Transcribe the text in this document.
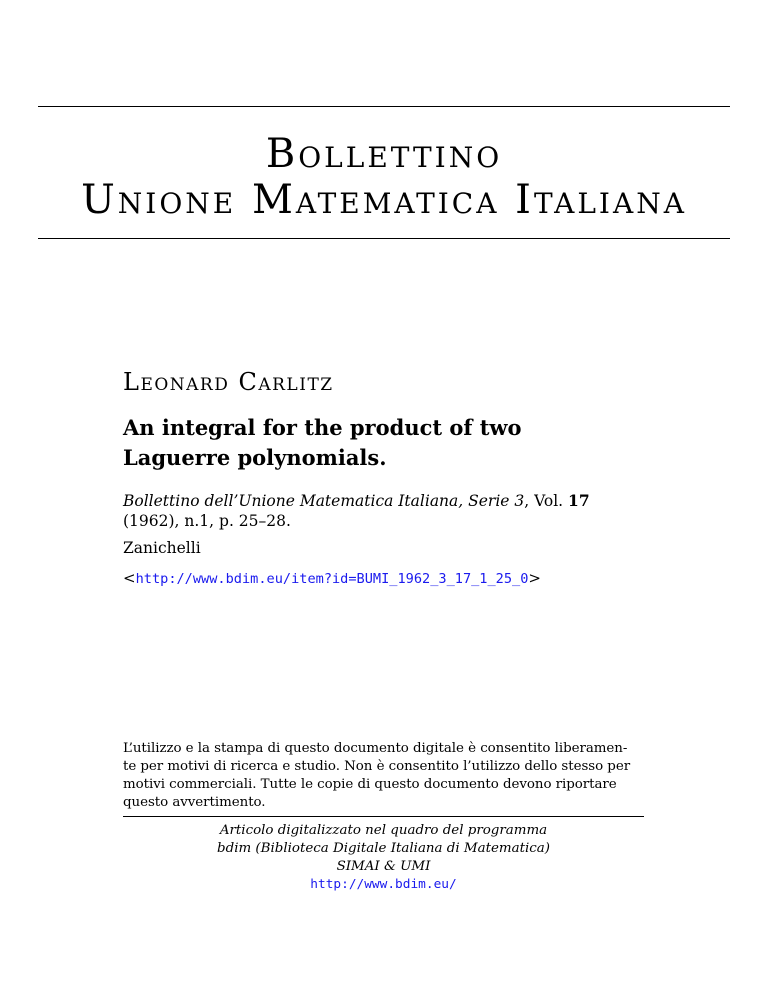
Bollettino
Unione Matematica Italiana
Leonard Carlitz
An integral for the product of two
Laguerre polynomials.
Bollettino dell’Unione Matematica Italiana, Serie 3, Vol. 17
(1962), n.1, p. 25–28.
Zanichelli
<http://www.bdim.eu/item?id=BUMI_1962_3_17_1_25_0>
L’utilizzo e la stampa di questo documento digitale è consentito liberamen-
te per motivi di ricerca e studio. Non è consentito l’utilizzo dello stesso per
motivi commerciali. Tutte le copie di questo documento devono riportare
questo avvertimento.
Articolo digitalizzato nel quadro del programma
bdim (Biblioteca Digitale Italiana di Matematica)
SIMAI & UMI
http://www.bdim.eu/
